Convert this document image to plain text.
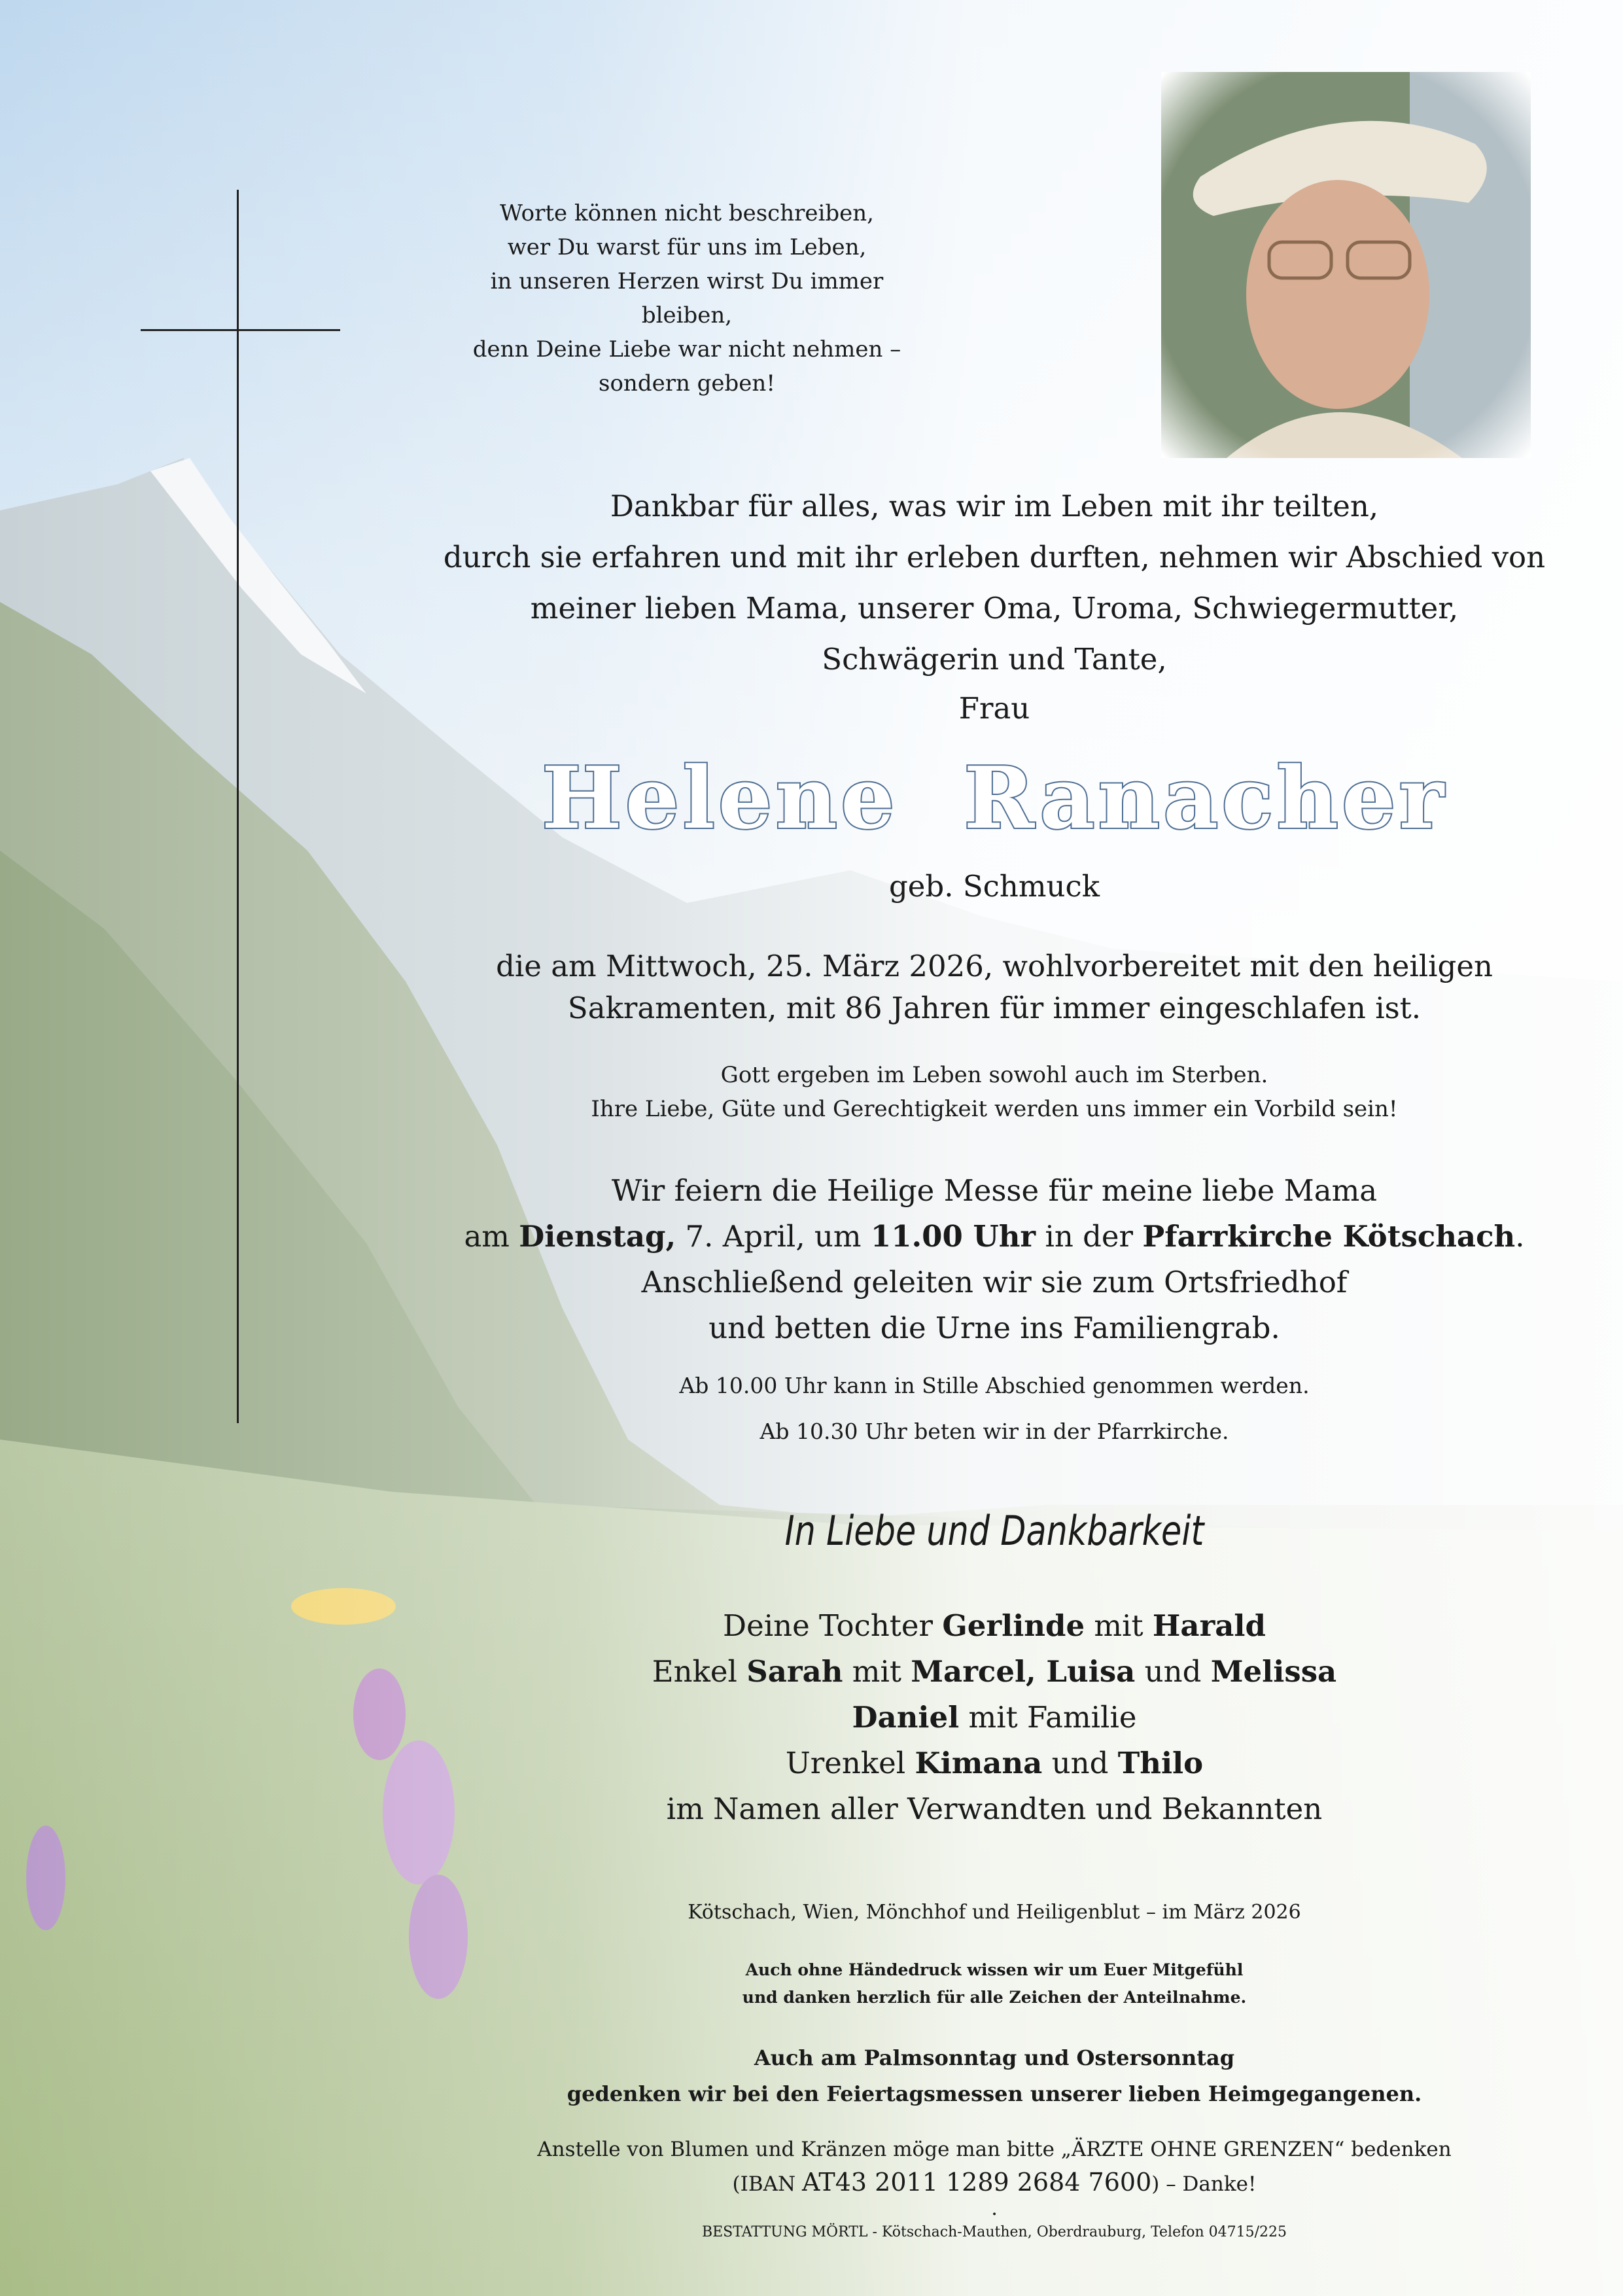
Worte können nicht beschreiben,
wer Du warst für uns im Leben,
in unseren Herzen wirst Du immer bleiben,
denn Deine Liebe war nicht nehmen –
sondern geben!
Dankbar für alles, was wir im Leben mit ihr teilten,
durch sie erfahren und mit ihr erleben durften, nehmen wir Abschied von
meiner lieben Mama, unserer Oma, Uroma, Schwiegermutter,
Schwägerin und Tante,
Frau
Helene  Ranacher
geb. Schmuck
die am Mittwoch, 25. März 2026, wohlvorbereitet mit den heiligen
Sakramenten, mit 86 Jahren für immer eingeschlafen ist.
Gott ergeben im Leben sowohl auch im Sterben.
Ihre Liebe, Güte und Gerechtigkeit werden uns immer ein Vorbild sein!
Wir feiern die Heilige Messe für meine liebe Mama
am Dienstag, 7. April, um 11.00 Uhr in der Pfarrkirche Kötschach.
Anschließend geleiten wir sie zum Ortsfriedhof
und betten die Urne ins Familiengrab.
Ab 10.00 Uhr kann in Stille Abschied genommen werden.
Ab 10.30 Uhr beten wir in der Pfarrkirche.
In Liebe und Dankbarkeit
Deine Tochter Gerlinde mit Harald
Enkel Sarah mit Marcel, Luisa und Melissa
Daniel mit Familie
Urenkel Kimana und Thilo
im Namen aller Verwandten und Bekannten
Kötschach, Wien, Mönchhof und Heiligenblut – im März 2026
Auch ohne Händedruck wissen wir um Euer Mitgefühl
und danken herzlich für alle Zeichen der Anteilnahme.
Auch am Palmsonntag und Ostersonntag
gedenken wir bei den Feiertagsmessen unserer lieben Heimgegangenen.
Anstelle von Blumen und Kränzen möge man bitte „ÄRZTE OHNE GRENZEN“ bedenken
(IBAN AT43 2011 1289 2684 7600) – Danke!
.
BESTATTUNG MÖRTL - Kötschach-Mauthen, Oberdrauburg, Telefon 04715/225
